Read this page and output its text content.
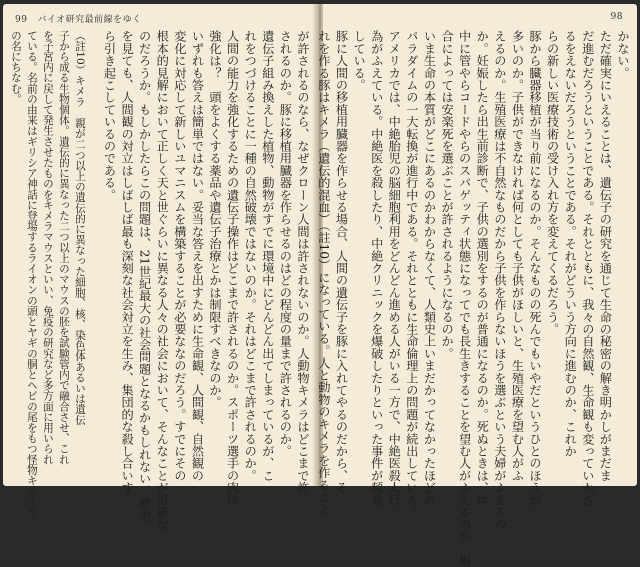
99 バイオ研究最前線をゆく

が許されるのなら、なぜクローン人間は許されないのか。人動物キメラはどこまで許

されるのか。豚に移植用臓器を作らせるのはどの程度の量まで許されるのか。

遺伝子組み換えした植物、動物がすでに環境中にどんどん出てしまっているが、こ

れをつづけることに一種の自然破壊ではないのか。それはどこまで許されるのか。

人間の能力を強化するための遺伝子操作はどこまで許されるのか。スポーツ選手の肉体

強化は？　頭をよくする薬品や遺伝子治療とかは制限すべきなのか。

いずれも答えは簡単ではない。妥当な答えを出すために生命観、人間観、自然観の

変化に対応して新しいユマニスムを構築することが必要ななのだろう。すでにその

根本的見解において正しく天と世ぐらいに異なる人々の社会において、そんなことが可能な

のだろうか。もしかしたらこの問題は、21世紀最大の社会問題となるかもしれない。歴史

を見ても、人間観の対立はしばしば最も深刻な社会対立を生み、集団的な殺し合いす

ら引き起こしているのである。

（註10）キメラ　親が二つ以上の遺伝的に異なった細胞、核、染色体あるいは遺伝

子から成る生物個体。遺伝的に異なった二つ以上のマウスの胚を試験管内で融合させ、これ

を子宮内に戻して発生させたものをキメラマウスといい、免疫の研究など多方面に用いられ

ている。名前の由来はギリシア神話に登場するライオンの頭とヤギの胴とヘビの尾をもつ怪物キマイラ

の名にちなむ。

98

かない。

ただ確実にいえることは、遺伝子の研究を通じて生命の秘密の解き明かしがまだま

だ進むだろうということである。それとともに、我々の自然観、生命観も変っていかざ

るをえないだろうということである。それがどういう方向に進むのか、これか

らの新しい医療技術の受け入れ方を変えてくるだろう。

豚から臓器移植が当り前になるのか。そんなものの死んでもいやだというひとのほうが

多いのか。子供ができなければ何としても子供がほしいと、生殖医療を望む人がふ

えるのか。生殖医療は不自然なものだから子供を作らないほうを選ぶという夫婦がふえるの

か。妊娠したら出生前診断で、子供の選別をするのが普通になるのか。死ぬときは、体

中に管やらコードやらのスパゲッティ状態になってでも長生きすることを望む人がふえるのか、場

合によっては安楽死を選ぶことが許されるようになるのか。

いま生命の本質がどこにあるのかわからなくて、人類史上いまだかってなかったほどの

パラダイムの一大転換が進行中である。それとともに生命倫理上の問題が続出している。

アメリカでは、中絶胎児の脳細胞利用をどんどん進める人がいる一方で、中絶医殺人行

為がふえている。中絶医を殺したり、中絶クリニックを爆破したりといった事件が頻発

している。

豚に人間の移植用臓器を作らせる場合、人間の遺伝子を豚に入れてやるのだから、そ

れを作る豚はキメラ（遺伝的混血）（註10）になっている。人と動物のキメラを作ること
